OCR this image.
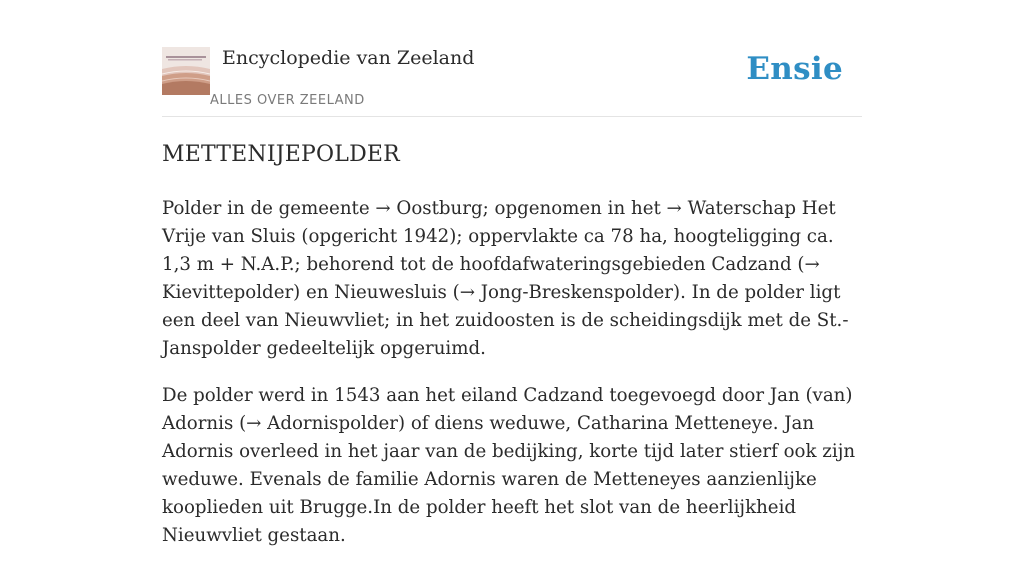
Encyclopedie van Zeeland
ALLES OVER ZEELAND
Ensie
METTENIJEPOLDER

Polder in de gemeente → Oostburg; opgenomen in het → Waterschap Het Vrije van Sluis (opgericht 1942); oppervlakte ca 78 ha, hoogteligging ca. 1,3 m + N.A.P.; behorend tot de hoofdafwateringsgebieden Cadzand (→ Kievittepolder) en Nieuwesluis (→ Jong-Breskenspolder). In de polder ligt een deel van Nieuwvliet; in het zuidoosten is de scheidingsdijk met de St.-Janspolder gedeeltelijk opgeruimd.

De polder werd in 1543 aan het eiland Cadzand toegevoegd door Jan (van) Adornis (→ Adornispolder) of diens weduwe, Catharina Metteneye. Jan Adornis overleed in het jaar van de bedijking, korte tijd later stierf ook zijn weduwe. Evenals de familie Adornis waren de Metteneyes aanzienlijke kooplieden uit Brugge.In de polder heeft het slot van de heerlijkheid Nieuwvliet gestaan.
